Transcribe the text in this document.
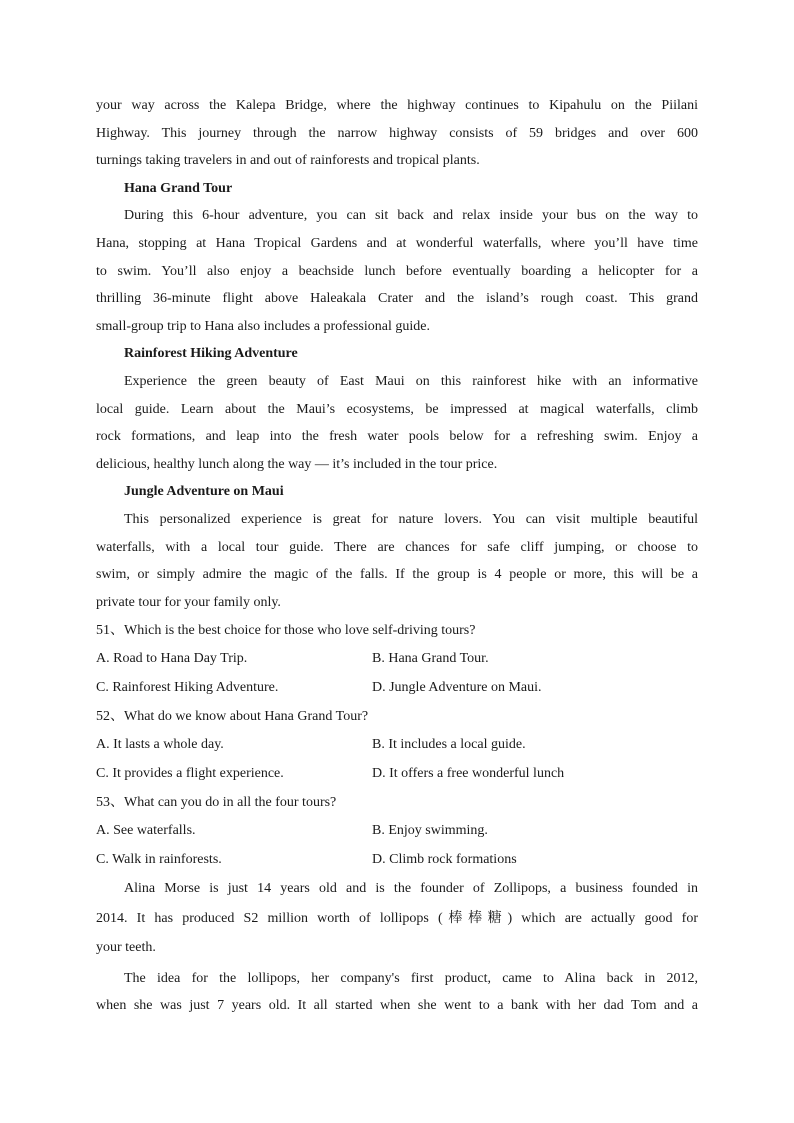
your way across the Kalepa Bridge, where the highway continues to Kipahulu on the Piilani
Highway. This journey through the narrow highway consists of 59 bridges and over 600
turnings taking travelers in and out of rainforests and tropical plants.

Hana Grand Tour

During this 6-hour adventure, you can sit back and relax inside your bus on the way to
Hana, stopping at Hana Tropical Gardens and at wonderful waterfalls, where you’ll have time
to swim. You’ll also enjoy a beachside lunch before eventually boarding a helicopter for a
thrilling 36-minute flight above Haleakala Crater and the island’s rough coast. This grand
small-group trip to Hana also includes a professional guide.

Rainforest Hiking Adventure

Experience the green beauty of East Maui on this rainforest hike with an informative
local guide. Learn about the Maui’s ecosystems, be impressed at magical waterfalls, climb
rock formations, and leap into the fresh water pools below for a refreshing swim. Enjoy a
delicious, healthy lunch along the way — it’s included in the tour price.

Jungle Adventure on Maui

This personalized experience is great for nature lovers. You can visit multiple beautiful
waterfalls, with a local tour guide. There are chances for safe cliff jumping, or choose to
swim, or simply admire the magic of the falls. If the group is 4 people or more, this will be a
private tour for your family only.

51、Which is the best choice for those who love self-driving tours?

A. Road to Hana Day Trip.	B. Hana Grand Tour.
C. Rainforest Hiking Adventure.	D. Jungle Adventure on Maui.

52、What do we know about Hana Grand Tour?

A. It lasts a whole day.	B. It includes a local guide.
C. It provides a flight experience.	D. It offers a free wonderful lunch

53、What can you do in all the four tours?

A. See waterfalls.	B. Enjoy swimming.
C. Walk in rainforests.	D. Climb rock formations

Alina Morse is just 14 years old and is the founder of Zollipops, a business founded in
2014. It has produced S2 million worth of lollipops (棒棒糖) which are actually good for
your teeth.

The idea for the lollipops, her company's first product, came to Alina back in 2012,
when she was just 7 years old. It all started when she went to a bank with her dad Tom and a
